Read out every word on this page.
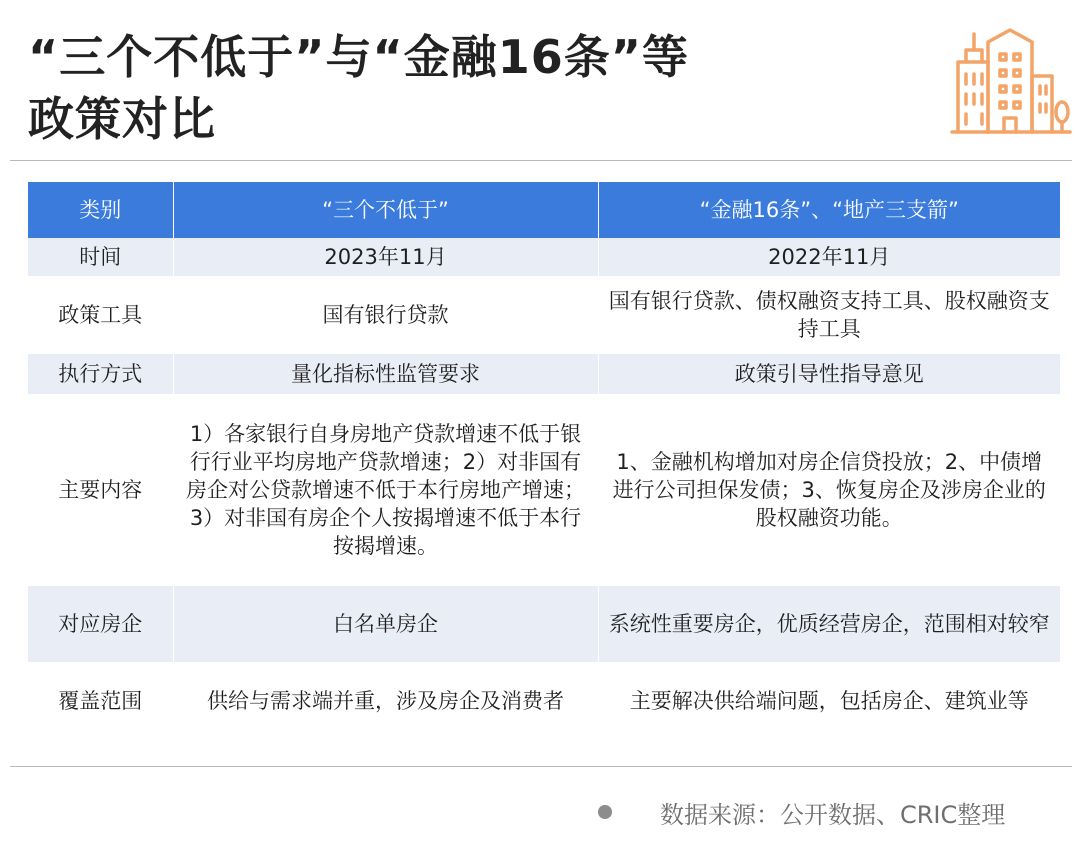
“三个不低于”与“金融16条”等
政策对比
类别	“三个不低于”	“金融16条”、“地产三支箭”
时间	2023年11月	2022年11月
政策工具	国有银行贷款	国有银行贷款、债权融资支持工具、股权融资支持工具
执行方式	量化指标性监管要求	政策引导性指导意见
主要内容	1）各家银行自身房地产贷款增速不低于银行行业平均房地产贷款增速；2）对非国有房企对公贷款增速不低于本行房地产增速；3）对非国有房企个人按揭增速不低于本行按揭增速。	1、金融机构增加对房企信贷投放；2、中债增进行公司担保发债；3、恢复房企及涉房企业的股权融资功能。
对应房企	白名单房企	系统性重要房企，优质经营房企，范围相对较窄
覆盖范围	供给与需求端并重，涉及房企及消费者	主要解决供给端问题，包括房企、建筑业等
数据来源：公开数据、CRIC整理
